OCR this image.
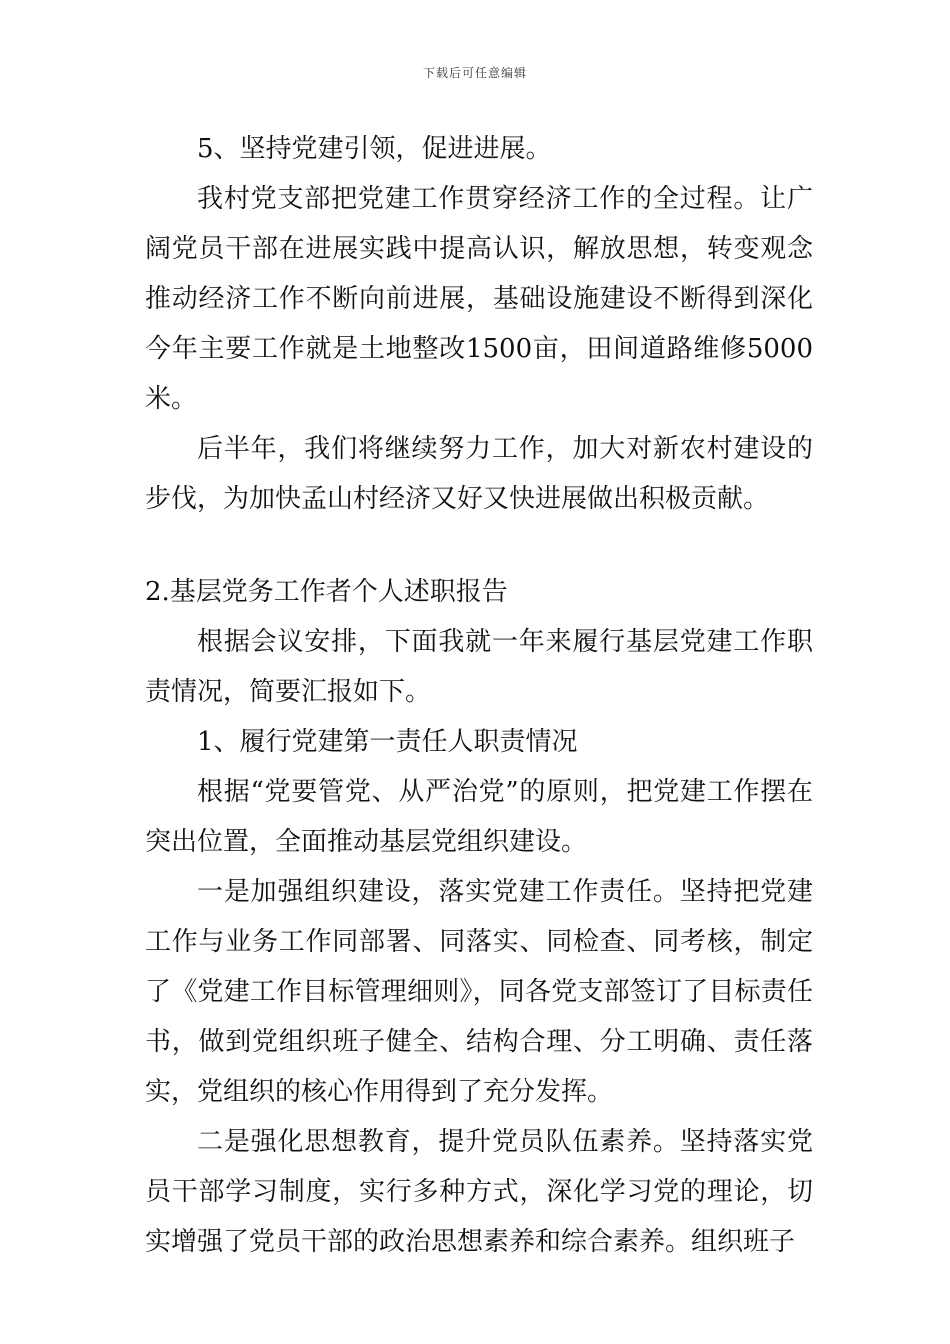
下载后可任意编辑

5、坚持党建引领，促进进展。

我村党支部把党建工作贯穿经济工作的全过程。让广阔党员干部在进展实践中提高认识，解放思想，转变观念推动经济工作不断向前进展，基础设施建设不断得到深化今年主要工作就是土地整改1500亩，田间道路维修5000米。

后半年，我们将继续努力工作，加大对新农村建设的步伐，为加快孟山村经济又好又快进展做出积极贡献。

2.基层党务工作者个人述职报告

根据会议安排，下面我就一年来履行基层党建工作职责情况，简要汇报如下。

1、履行党建第一责任人职责情况

根据“党要管党、从严治党”的原则，把党建工作摆在突出位置，全面推动基层党组织建设。

一是加强组织建设，落实党建工作责任。坚持把党建工作与业务工作同部署、同落实、同检查、同考核，制定了《党建工作目标管理细则》，同各党支部签订了目标责任书，做到党组织班子健全、结构合理、分工明确、责任落实，党组织的核心作用得到了充分发挥。

二是强化思想教育，提升党员队伍素养。坚持落实党员干部学习制度，实行多种方式，深化学习党的理论，切实增强了党员干部的政治思想素养和综合素养。组织班子
